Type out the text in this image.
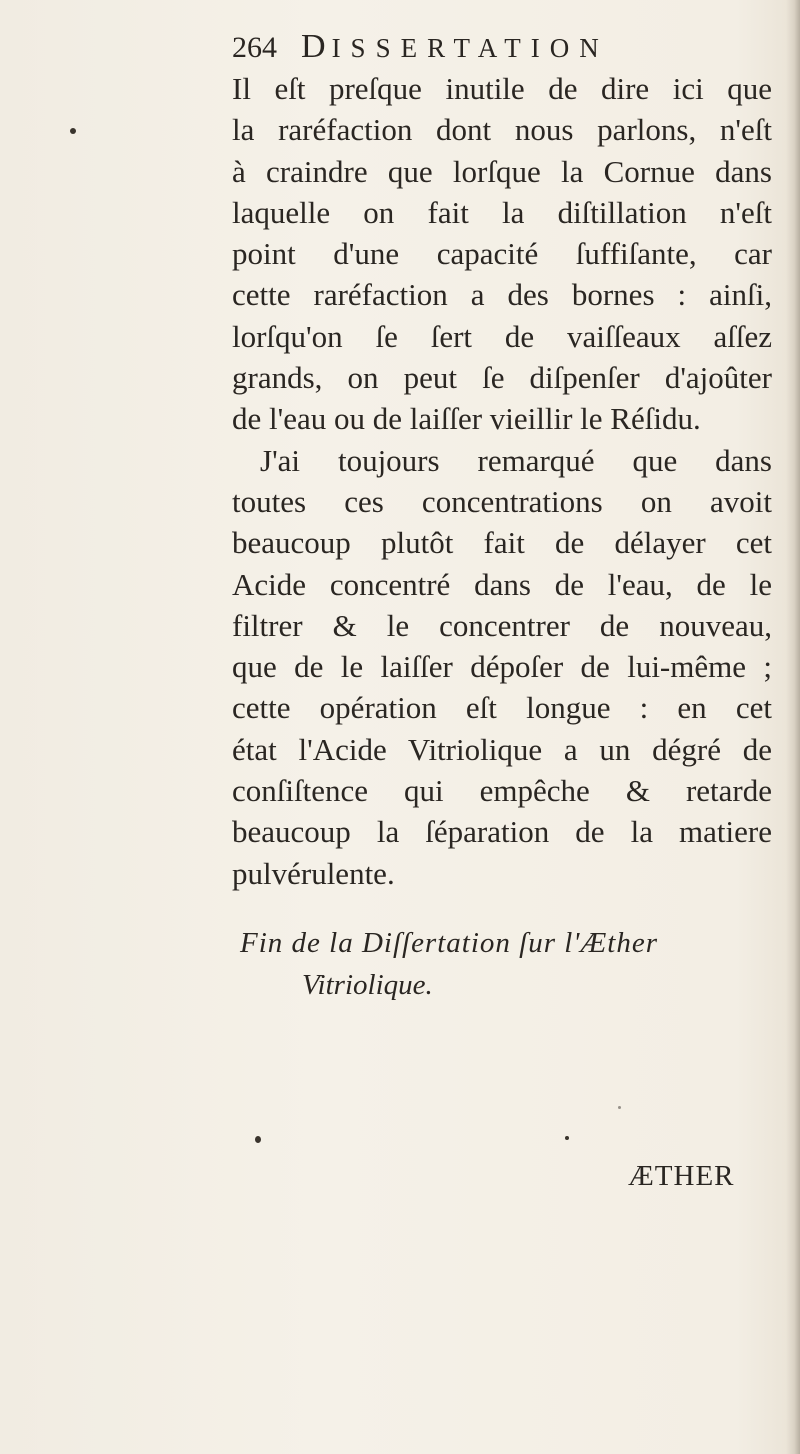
264 DISSERTATION
Il eſt preſque inutile de dire ici que
la raréfaction dont nous parlons, n'eſt
à craindre que lorſque la Cornue dans
laquelle on fait la diſtillation n'eſt
point d'une capacité ſuffiſante, car
cette raréfaction a des bornes : ainſi,
lorſqu'on ſe ſert de vaiſſeaux aſſez
grands, on peut ſe diſpenſer d'ajoûter
de l'eau ou de laiſſer vieillir le Réſidu.
J'ai toujours remarqué que dans
toutes ces concentrations on avoit
beaucoup plutôt fait de délayer cet
Acide concentré dans de l'eau, de le
filtrer & le concentrer de nouveau,
que de le laiſſer dépoſer de lui-même ;
cette opération eſt longue : en cet
état l'Acide Vitriolique a un dégré de
conſiſtence qui empêche & retarde
beaucoup la ſéparation de la matiere
pulvérulente.
Fin de la Diſſertation ſur l'Æther
Vitriolique.
ÆTHER
